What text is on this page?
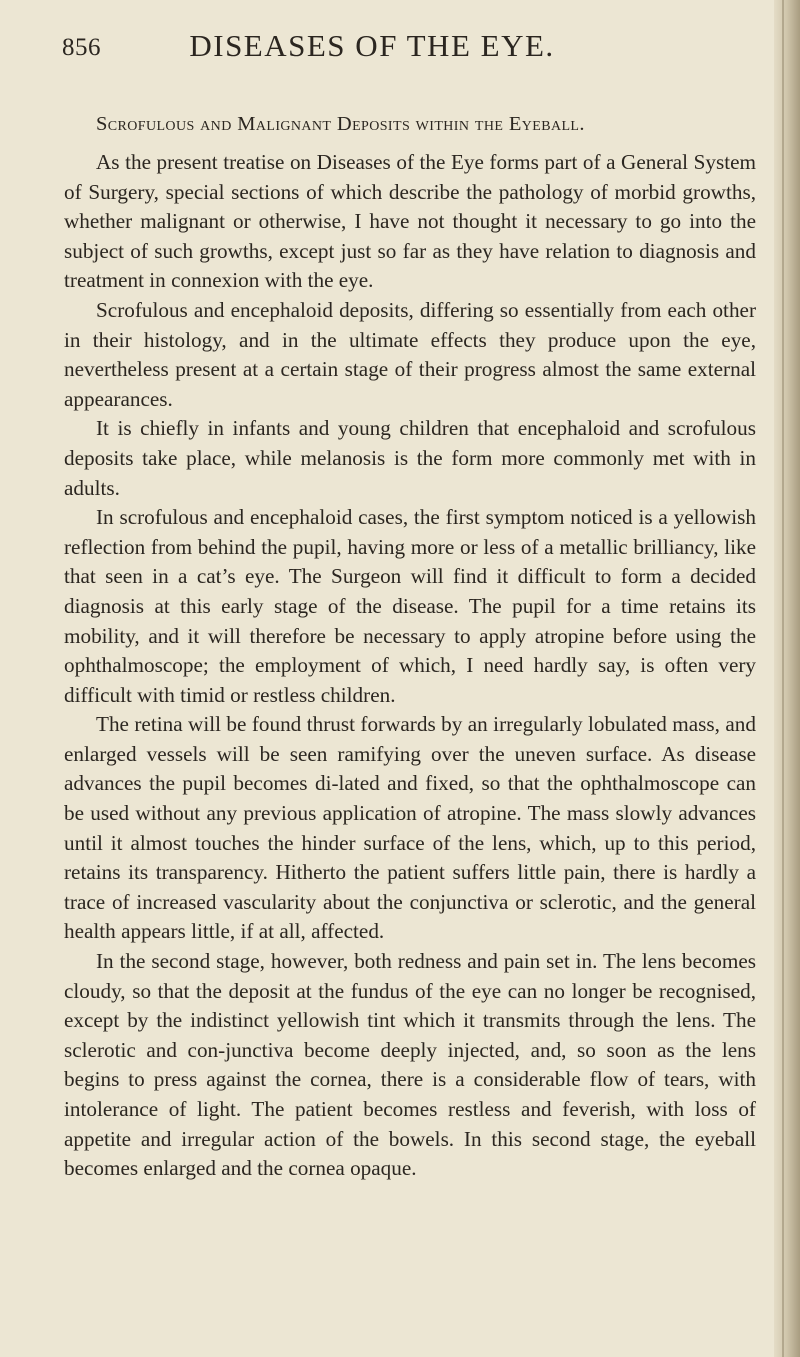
856	DISEASES OF THE EYE.
Scrofulous and Malignant Deposits within the Eyeball.

As the present treatise on Diseases of the Eye forms part of a General System of Surgery, special sections of which describe the pathology of morbid growths, whether malignant or otherwise, I have not thought it necessary to go into the subject of such growths, except just so far as they have relation to diagnosis and treatment in connexion with the eye.

Scrofulous and encephaloid deposits, differing so essentially from each other in their histology, and in the ultimate effects they produce upon the eye, nevertheless present at a certain stage of their progress almost the same external appearances.

It is chiefly in infants and young children that encephaloid and scrofulous deposits take place, while melanosis is the form more commonly met with in adults.

In scrofulous and encephaloid cases, the first symptom noticed is a yellowish reflection from behind the pupil, having more or less of a metallic brilliancy, like that seen in a cat’s eye. The Surgeon will find it difficult to form a decided diagnosis at this early stage of the disease. The pupil for a time retains its mobility, and it will therefore be necessary to apply atropine before using the ophthalmoscope; the employment of which, I need hardly say, is often very difficult with timid or restless children.

The retina will be found thrust forwards by an irregularly lobulated mass, and enlarged vessels will be seen ramifying over the uneven surface. As disease advances the pupil becomes di-lated and fixed, so that the ophthalmoscope can be used without any previous application of atropine. The mass slowly advances until it almost touches the hinder surface of the lens, which, up to this period, retains its transparency. Hitherto the patient suffers little pain, there is hardly a trace of increased vascularity about the conjunctiva or sclerotic, and the general health appears little, if at all, affected.

In the second stage, however, both redness and pain set in. The lens becomes cloudy, so that the deposit at the fundus of the eye can no longer be recognised, except by the indistinct yellowish tint which it transmits through the lens. The sclerotic and con-junctiva become deeply injected, and, so soon as the lens begins to press against the cornea, there is a considerable flow of tears, with intolerance of light. The patient becomes restless and feverish, with loss of appetite and irregular action of the bowels. In this second stage, the eyeball becomes enlarged and the cornea opaque.
